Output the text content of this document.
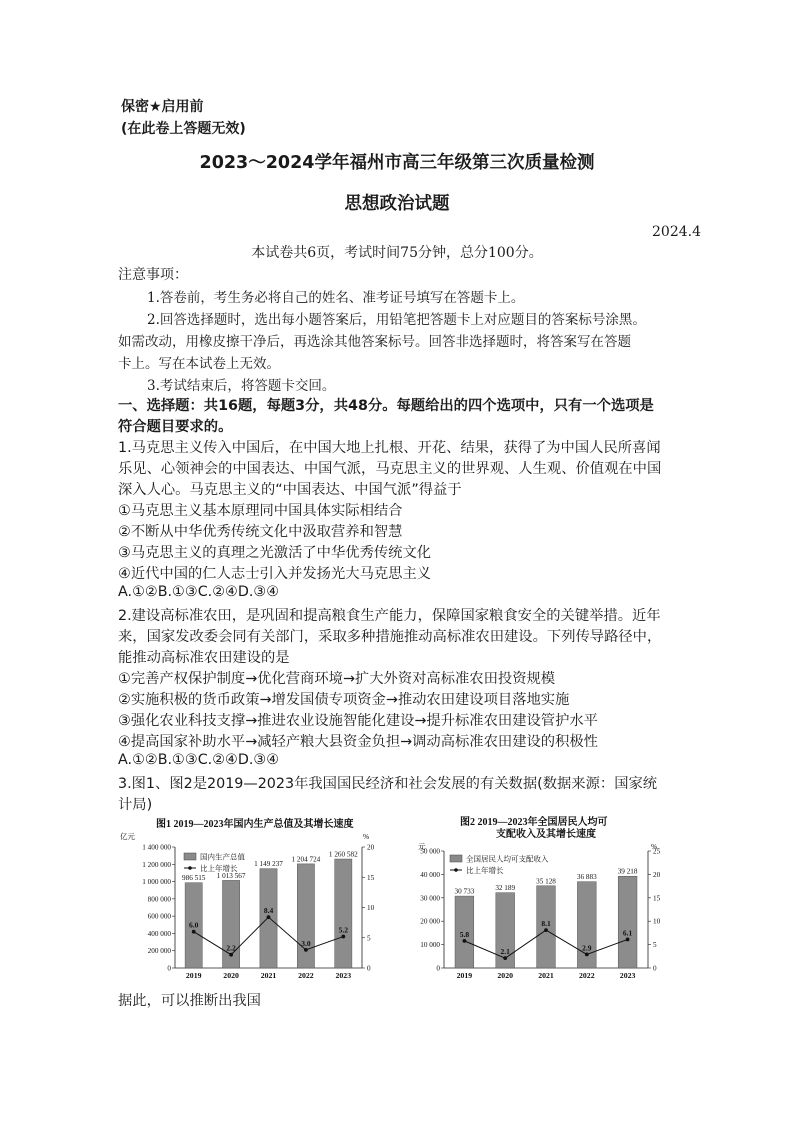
保密★启用前
(在此卷上答题无效)
2023～2024学年福州市高三年级第三次质量检测
思想政治试题
2024.4
本试卷共6页，考试时间75分钟，总分100分。
注意事项：
1.答卷前，考生务必将自己的姓名、准考证号填写在答题卡上。
2.回答选择题时，选出每小题答案后，用铅笔把答题卡上对应题目的答案标号涂黑。
如需改动，用橡皮擦干净后，再选涂其他答案标号。回答非选择题时，将答案写在答题
卡上。写在本试卷上无效。
3.考试结束后，将答题卡交回。
一、选择题：共16题，每题3分，共48分。每题给出的四个选项中，只有一个选项是
符合题目要求的。
1.马克思主义传入中国后，在中国大地上扎根、开花、结果，获得了为中国人民所喜闻
乐见、心领神会的中国表达、中国气派，马克思主义的世界观、人生观、价值观在中国
深入人心。马克思主义的“中国表达、中国气派”得益于
①马克思主义基本原理同中国具体实际相结合
②不断从中华优秀传统文化中汲取营养和智慧
③马克思主义的真理之光激活了中华优秀传统文化
④近代中国的仁人志士引入并发扬光大马克思主义
A.①②B.①③C.②④D.③④
2.建设高标准农田，是巩固和提高粮食生产能力，保障国家粮食安全的关键举措。近年
来，国家发改委会同有关部门，采取多种措施推动高标准农田建设。下列传导路径中，
能推动高标准农田建设的是
①完善产权保护制度→优化营商环境→扩大外资对高标准农田投资规模
②实施积极的货币政策→增发国债专项资金→推动农田建设项目落地实施
③强化农业科技支撑→推进农业设施智能化建设→提升标准农田建设管护水平
④提高国家补助水平→减轻产粮大县资金负担→调动高标准农田建设的积极性
A.①②B.①③C.②④D.③④
3.图1、图2是2019—2023年我国国民经济和社会发展的有关数据(数据来源：国家统
计局)
图1 2019—2023年国内生产总值及其增长速度
亿元	%
0
200 000
400 000
600 000
800 000
1 000 000
1 200 000
1 400 000
0
5
10
15
20
986 515 1 013 567
1 149 237
1 204 724
1 260 582
6.0
2.2
8.4
3.0
5.2
2019	2020	2021	2022	2023
国内生产总值
比上年增长
图2 2019—2023年全国居民人均可
支配收入及其增长速度
元	%
0
10 000
20 000
30 000
40 000
50 000
0
5
10
15
20
25
30 733	32 189
35 128
36 883
39 218
5.8
2.1
8.1
2.9
6.1
2019	2020	2021	2022	2023
全国居民人均可支配收入
比上年增长
据此，可以推断出我国
